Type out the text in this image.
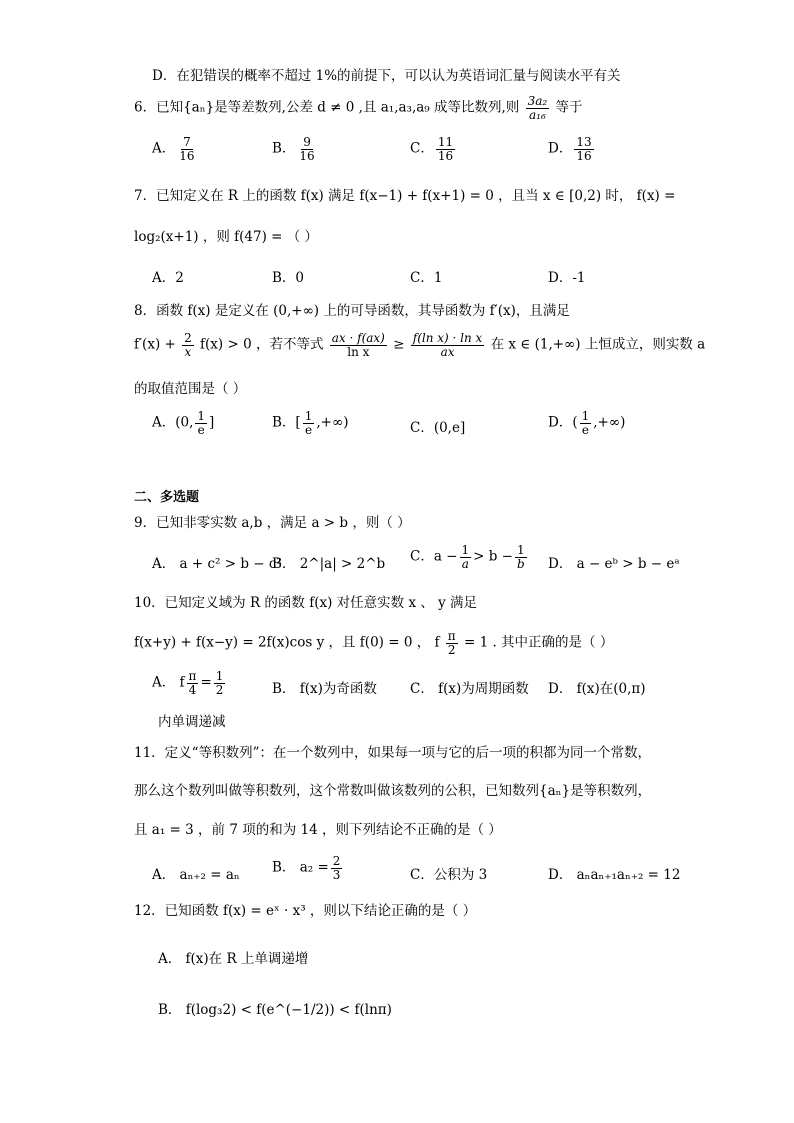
D．在犯错误的概率不超过 1%的前提下，可以认为英语词汇量与阅读水平有关
6．已知{aₙ}是等差数列,公差 d ≠ 0 ,且 a₁,a₃,a₉ 成等比数列,则 $\frac{\text{3a₂}}{\text{a₁₆}}$ 等于
A． $\frac{7}{16}$	B． $\frac{9}{16}$	C． $\frac{11}{16}$	D． $\frac{13}{16}$
7．已知定义在 R 上的函数 f(x) 满足 f(x−1) + f(x+1) = 0 ，且当 x ∈ [0,2) 时， f(x) =
log₂(x+1) ，则 f(47) = （ ）
A．2	B．0	C．1	D．-1
8．函数 f(x) 是定义在 (0,+∞) 上的可导函数，其导函数为 f′(x)，且满足
$f'(x) + \frac{2}{x} f(x) > 0$ ，若不等式 $\frac{ax \cdot f(ax)}{\text{ln x}} \ge \frac{\text{f(ln x) · ln x}}{ax}$ 在 x ∈ (1,+∞) 上恒成立，则实数 a
的取值范围是（ ）
A．(0, $\frac{1}{e}$ ]	B．[ $\frac{1}{e}$ ,+∞)	C．(0,e]	D．( $\frac{1}{e}$ ,+∞)
二、多选题
9．已知非零实数 a,b ，满足 a > b ，则（ ）
A． a + c² > b − c²
B． 2^|a| > 2^b C．$a - \frac{1}{a} > b - \frac{1}{b}$ D． a − eᵇ > b − eᵃ
10．已知定义域为 R 的函数 f(x) 对任意实数 x 、 y 满足
f(x+y) + f(x−y) = 2f(x)cos y ，且 f(0) = 0 ， f $\frac{\pi}{2} = 1$ . 其中正确的是（ ）
A． f $\frac{\pi}{4} = \frac{1}{2}$	B． f(x)为奇函数 C． f(x)为周期函数 D． f(x)在(0,π)
内单调递减
11．定义“等积数列”：在一个数列中，如果每一项与它的后一项的积都为同一个常数，
那么这个数列叫做等积数列，这个常数叫做该数列的公积，已知数列{aₙ}是等积数列，
且 a₁ = 3 ，前 7 项的和为 14 ，则下列结论不正确的是（ ）
A． aₙ₊₂ = aₙ B． $a_2 = \frac{2}{3}$	C．公积为 3	D． aₙaₙ₊₁aₙ₊₂ = 12
12．已知函数 f(x) = eˣ · x³ ，则以下结论正确的是（ ）
A． f(x)在 R 上单调递增
B． f(log₃2) < f(e^(−1/2)) < f(lnπ)
